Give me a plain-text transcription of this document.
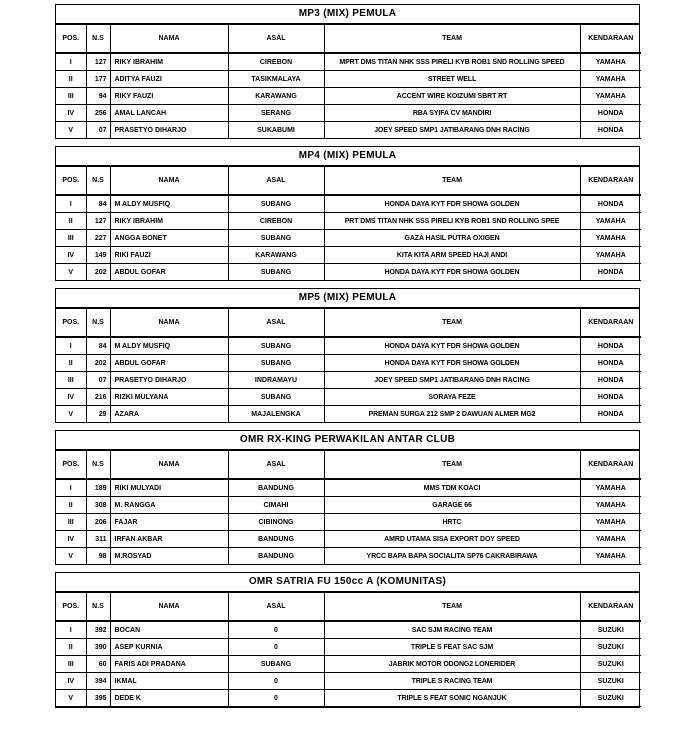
MP3 (MIX) PEMULA
POS.	N.S	NAMA	ASAL	TEAM	KENDARAAN
I	127	RIKY IBRAHIM	CIREBON	MPRT DMS TITAN NHK SSS PIRELI KYB ROB1 SND ROLLING SPEED	YAMAHA
II	177	ADITYA FAUZI	TASIKMALAYA	STREET WELL	YAMAHA
III	94	RIKY FAUZI	KARAWANG	ACCENT WIRE KOIZUMI SBRT RT	YAMAHA
IV	256	AMAL LANCAH	SERANG	RBA SYIFA CV MANDIRI	HONDA
V	07	PRASETYO DIHARJO	SUKABUMI	JOEY SPEED SMP1 JATIBARANG DNH RACING	HONDA
MP4 (MIX) PEMULA
POS.	N.S	NAMA	ASAL	TEAM	KENDARAAN
I	84	M ALDY MUSFIQ	SUBANG	HONDA DAYA KYT FDR SHOWA GOLDEN	HONDA
II	127	RIKY IBRAHIM	CIREBON	PRT DMS TITAN NHK SSS PIRELI KYB ROB1 SND ROLLING SPEE	YAMAHA
III	227	ANGGA BONET	SUBANG	GAZA HASIL PUTRA OXIGEN	YAMAHA
IV	149	RIKI FAUZI	KARAWANG	KITA KITA ARM SPEED HAJI ANDI	YAMAHA
V	202	ABDUL GOFAR	SUBANG	HONDA DAYA KYT FDR SHOWA GOLDEN	HONDA
MP5 (MIX) PEMULA
POS.	N.S	NAMA	ASAL	TEAM	KENDARAAN
I	84	M ALDY MUSFIQ	SUBANG	HONDA DAYA KYT FDR SHOWA GOLDEN	HONDA
II	202	ABDUL GOFAR	SUBANG	HONDA DAYA KYT FDR SHOWA GOLDEN	HONDA
III	07	PRASETYO DIHARJO	INDRAMAYU	JOEY SPEED SMP1 JATIBARANG DNH RACING	HONDA
IV	216	RIZKI MULYANA	SUBANG	SORAYA FEZE	HONDA
V	29	AZARA	MAJALENGKA	PREMAN SURGA 212 SMP 2 DAWUAN ALMER MG2	HONDA
OMR RX-KING PERWAKILAN ANTAR CLUB
POS.	N.S	NAMA	ASAL	TEAM	KENDARAAN
I	189	RIKI MULYADI	BANDUNG	MMS TDM KOACI	YAMAHA
II	308	M. RANGGA	CIMAHI	GARAGE 66	YAMAHA
III	206	FAJAR	CIBINONG	HRTC	YAMAHA
IV	311	IRFAN AKBAR	BANDUNG	AMRD UTAMA SISA EXPORT DOY SPEED	YAMAHA
V	98	M.ROSYAD	BANDUNG	YRCC BAPA BAPA SOCIALITA SP76 CAKRABIRAWA	YAMAHA
OMR SATRIA FU 150cc A (KOMUNITAS)
POS.	N.S	NAMA	ASAL	TEAM	KENDARAAN
I	392	BOCAN	0	SAC SJM RACING TEAM	SUZUKI
II	390	ASEP KURNIA	0	TRIPLE S FEAT SAC SJM	SUZUKI
III	60	FARIS ADI PRADANA	SUBANG	JABRIK MOTOR ODONG2 LONERIDER	SUZUKI
IV	394	IKMAL	0	TRIPLE S RACING TEAM	SUZUKI
V	395	DEDE K	0	TRIPLE S FEAT SONIC NGANJUK	SUZUKI
